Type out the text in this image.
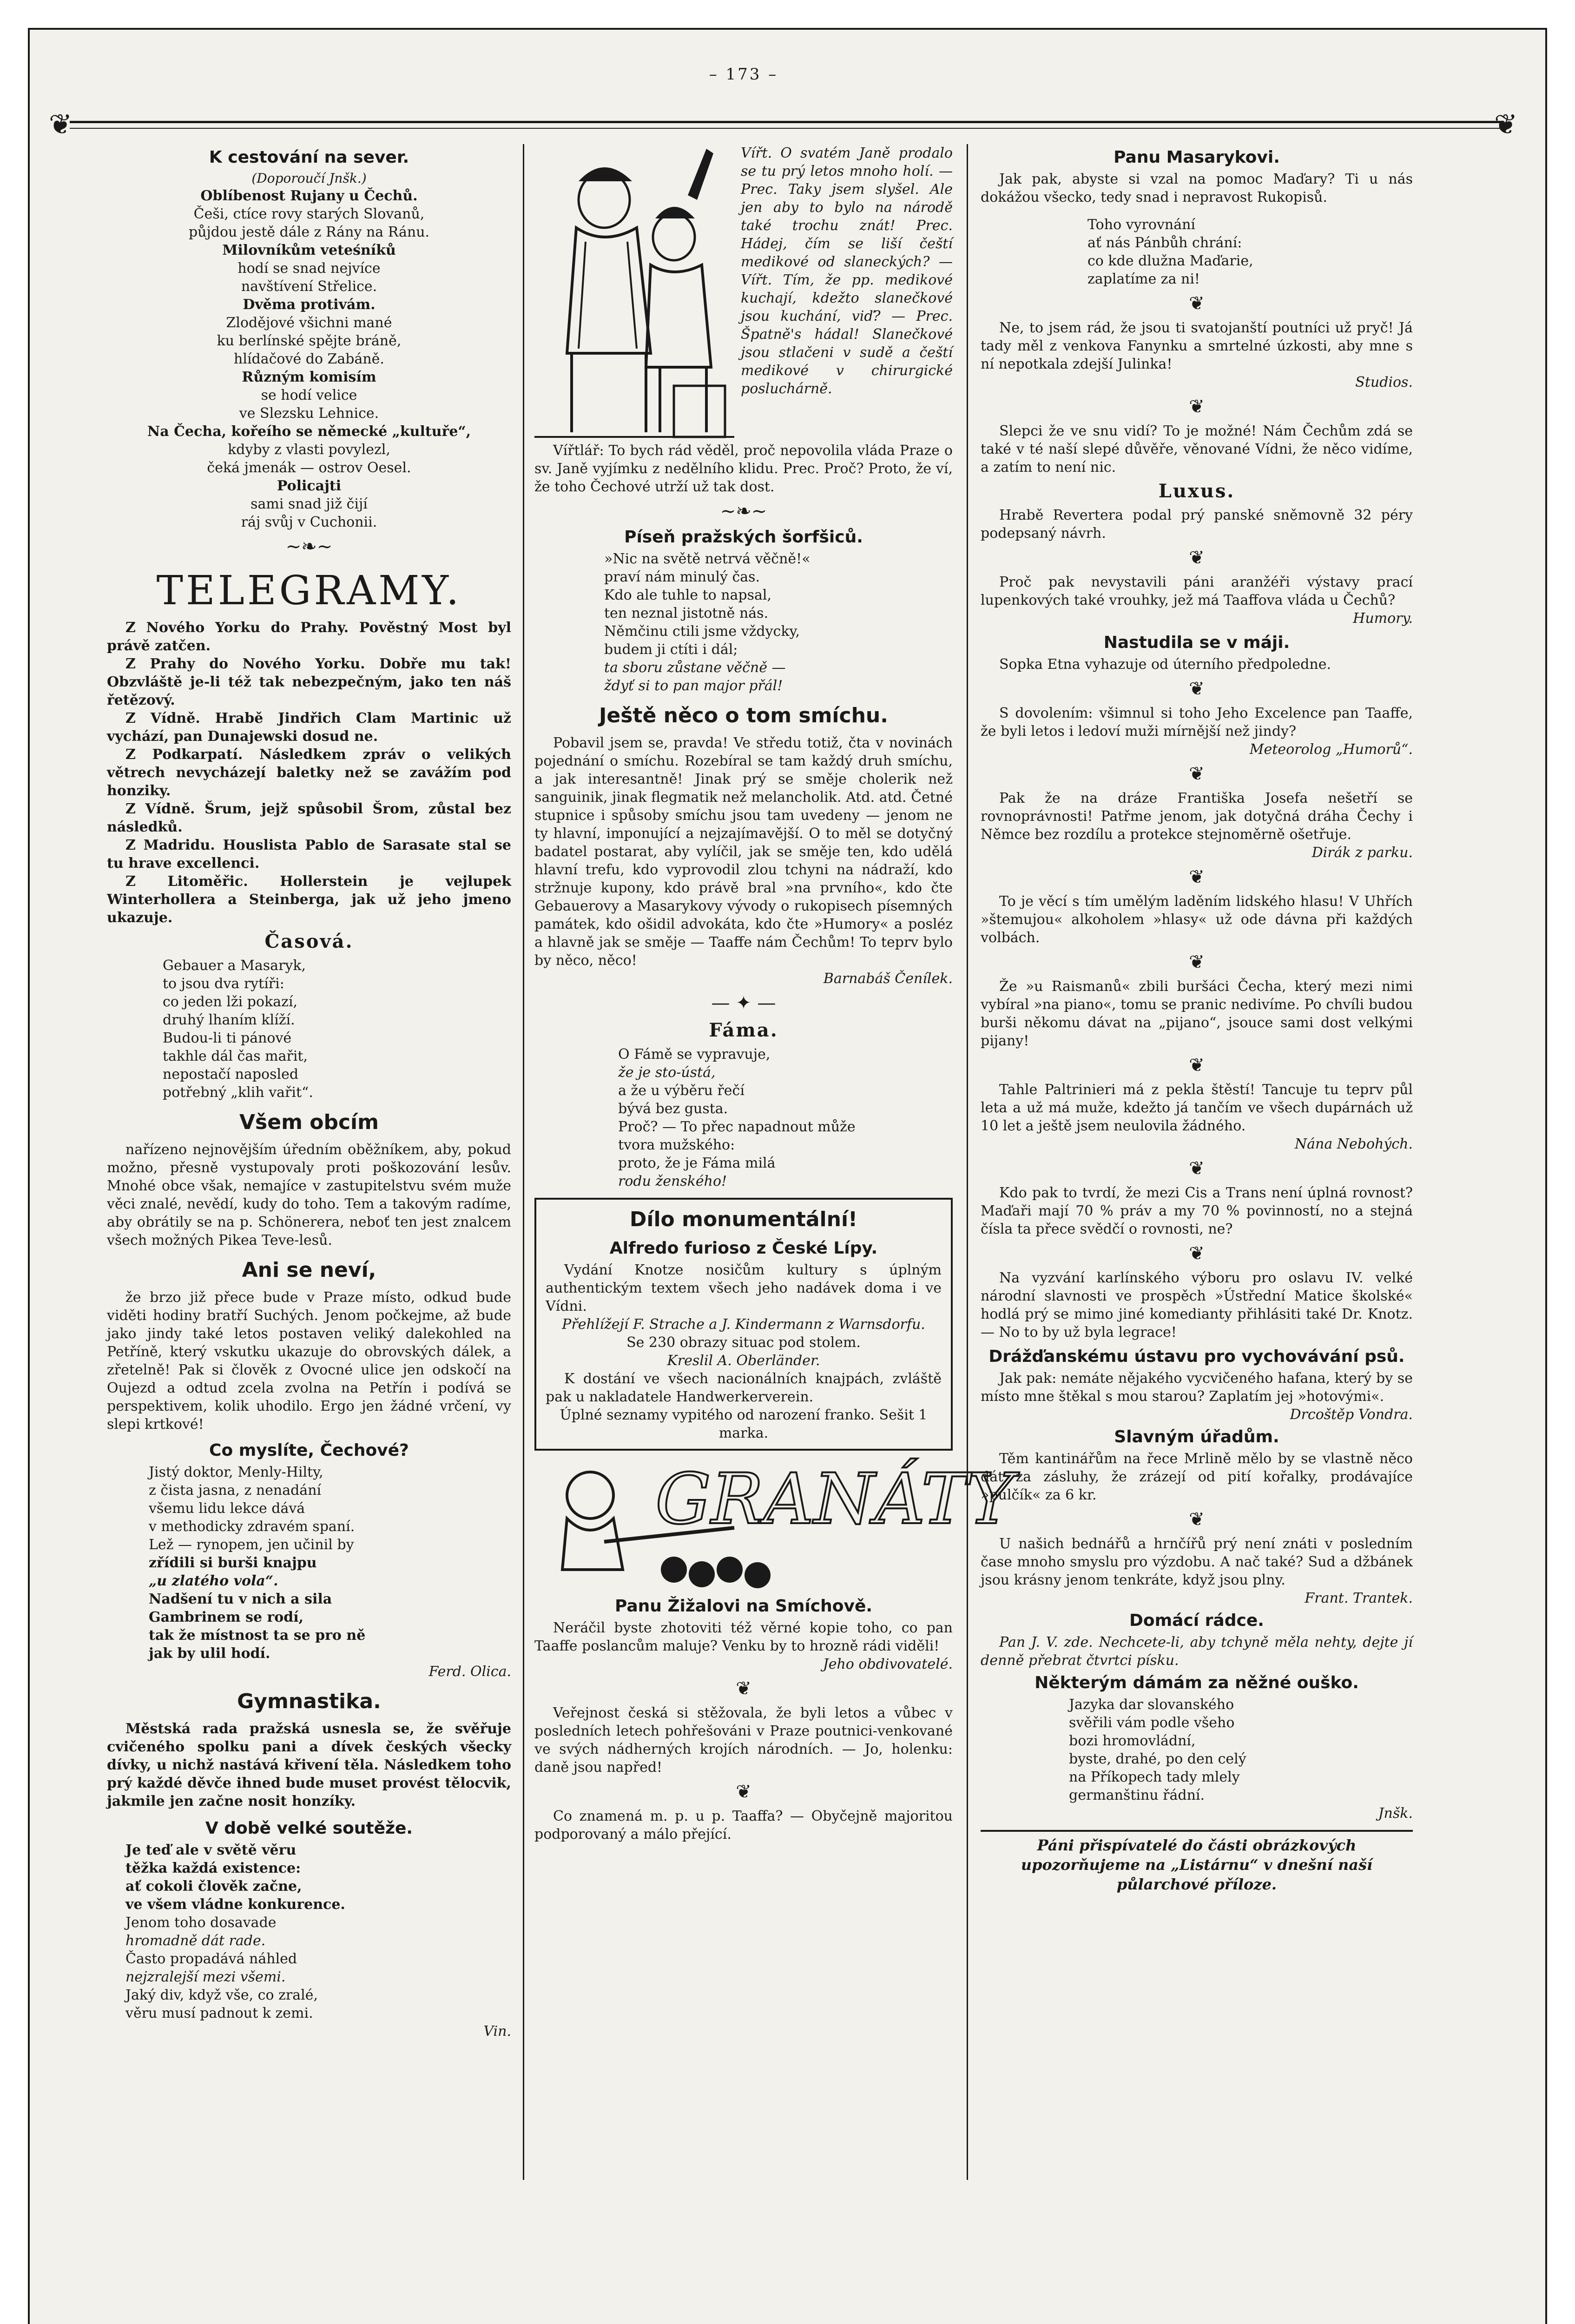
– 173 –
❦	❦
K cestování na sever.
(Doporoučí Jnšk.)
Oblíbenost Rujany u Čechů.
Češi, ctíce rovy starých Slovanů,
půjdou jestě dále z Rány na Ránu.
Milovníkům veteśníků
hodí se snad nejvíce
navštívení Střelice.
Dvěma protivám.
Zlodějové všichni mané
ku berlínské spějte bráně,
hlídačové do Zabáně.
Různým komisím
se hodí velice
ve Slezsku Lehnice.
Na Čecha, kořeího se německé „kultuře“,
kdyby z vlasti povylezl,
čeká jmenák — ostrov Oesel.
Policajti
sami snad již čijí
ráj svůj v Cuchonii.
~❧~
TELEGRAMY.

Z Nového Yorku do Prahy. Pověstný Most byl právě zatčen.

Z Prahy do Nového Yorku. Dobře mu tak! Obzvláště je-li též tak nebezpečným, jako ten náš řetězový.

Z Vídně. Hrabě Jindřich Clam Martinic už vychází, pan Dunajewski dosud ne.

Z Podkarpatí. Následkem zpráv o velikých větrech nevycházejí baletky než se zavážím pod honziky.

Z Vídně. Šrum, jejž spůsobil Šrom, zůstal bez následků.

Z Madridu. Houslista Pablo de Sarasate stal se tu hrave excellenci.

Z Litoměřic. Hollerstein je vejlupek Winterhollera a Steinberga, jak už jeho jmeno ukazuje.

Časová.
Gebauer a Masaryk,
to jsou dva rytíři:
co jeden lži pokazí,
druhý lhaním klíží.
Budou-li ti pánové
takhle dál čas mařit,
nepostačí naposled
potřebný „klih vařit“.
Všem obcím

nařízeno nejnovějším úředním oběžníkem, aby, pokud možno, přesně vystupovaly proti poškozování lesův. Mnohé obce však, nemajíce v zastupitelstvu svém muže věci znalé, nevědí, kudy do toho. Tem a takovým radíme, aby obrátily se na p. Schönerera, neboť ten jest znalcem všech možných Pikea Teve-lesů.

Ani se neví,

že brzo již přece bude v Praze místo, odkud bude viděti hodiny bratří Suchých. Jenom počkejme, až bude jako jindy také letos postaven veliký dalekohled na Petříně, který vskutku ukazuje do obrovských dálek, a zřetelně! Pak si člověk z Ovocné ulice jen odskočí na Oujezd a odtud zcela zvolna na Petřín i podívá se perspektivem, kolik uhodilo. Ergo jen žádné vrčení, vy slepi krtkové!

Co myslíte, Čechové?
Jistý doktor, Menly-Hilty,
z čista jasna, z nenadání
všemu lidu lekce dává
v methodicky zdravém spaní.
Lež — rynopem, jen učinil by
zřídili si burši knajpu
„u zlatého vola“.
Nadšení tu v nich a sila
Gambrinem se rodí,
tak že místnost ta se pro ně
jak by ulil hodí.
Ferd. Olica.
Gymnastika.

Městská rada pražská usnesla se, že svěřuje cvičeného spolku pani a dívek českých všecky dívky, u nichž nastává křivení těla. Následkem toho prý každé děvče ihned bude muset provést tělocvik, jakmile jen začne nosit honzíky.

V době velké soutěže.
Je teď ale v světě věru
těžka každá existence:
ať cokoli člověk začne,
ve všem vládne konkurence.
Jenom toho dosavade
hromadně dát rade.
Často propadává náhled
nejzralejší mezi všemi.
Jaký div, když vše, co zralé,
věru musí padnout k zemi.
Vin.

Vířt. O svatém Janě prodalo se tu prý letos mnoho holí. — Prec. Taky jsem slyšel. Ale jen aby to bylo na národě také trochu znát! Prec. Hádej, čím se liší čeští medikové od slaneckých? — Vířt. Tím, že pp. medikové kuchají, kdežto slanečkové jsou kuchání, viď? — Prec. Špatně's hádal! Slanečkové jsou stlačeni v sudě a čeští medikové v chirurgické posluchárně.

Vířtlář: To bych rád věděl, proč nepovolila vláda Praze o sv. Janě vyjímku z nedělního klidu. Prec. Proč? Proto, že ví, že toho Čechové utrží už tak dost.

~❧~
Píseň pražských šorfšiců.
»Nic na světě netrvá věčně!«
praví nám minulý čas.
Kdo ale tuhle to napsal,
ten neznal jistotně nás.
Němčinu ctili jsme vždycky,
budem ji ctíti i dál;
ta sboru zůstane věčně —
ždyť si to pan major přál!
Ještě něco o tom smíchu.

Pobavil jsem se, pravda! Ve středu totiž, čta v novinách pojednání o smíchu. Rozebíral se tam každý druh smíchu, a jak interesantně! Jinak prý se směje cholerik než sanguinik, jinak flegmatik než melancholik. Atd. atd. Četné stupnice i spůsoby smíchu jsou tam uvedeny — jenom ne ty hlavní, imponující a nejzajímavější. O to měl se dotyčný badatel postarat, aby vylíčil, jak se směje ten, kdo udělá hlavní trefu, kdo vyprovodil zlou tchyni na nádraží, kdo stržnuje kupony, kdo právě bral »na prvního«, kdo čte Gebauerovy a Masarykovy vývody o rukopisech písemných památek, kdo ošidil advokáta, kdo čte »Humory« a posléz a hlavně jak se směje — Taaffe nám Čechům! To teprv bylo by něco, něco!

Barnabáš Čenílek.
— ✦ —
Fáma.
O Fámě se vypravuje,
že je sto-ústá,
a že u výběru řečí
bývá bez gusta.
Proč? — To přec napadnout může
tvora mužského:
proto, že je Fáma milá
rodu ženského!
Dílo monumentální!
Alfredo furioso z České Lípy.

Vydání Knotze nosičům kultury s úplným authentickým textem všech jeho nadávek doma i ve Vídni.

Přehlížejí F. Strache a J. Kindermann z Warnsdorfu.
Se 230 obrazy situac pod stolem.
Kreslil A. Oberländer.

K dostání ve všech nacionálních knajpách, zvláště pak u nakladatele Handwerkerverein.

Úplné seznamy vypitého od narození franko. Sešit 1 marka.
GRANÁTY
Panu Žižalovi na Smíchově.

Neráčil byste zhotoviti též věrné kopie toho, co pan Taaffe poslancům maluje? Venku by to hrozně rádi viděli!

Jeho obdivovatelé.
❦

Veřejnost česká si stěžovala, že byli letos a vůbec v posledních letech pohřešováni v Praze poutnici-venkované ve svých nádherných krojích národních. — Jo, holenku: daně jsou napřed!

❦

Co znamená m. p. u p. Taaffa? — Obyčejně majoritou podporovaný a málo přející.

Panu Masarykovi.

Jak pak, abyste si vzal na pomoc Maďary? Ti u nás dokážou všecko, tedy snad i nepravost Rukopisů.

Toho vyrovnání
ať nás Pánbůh chrání:
co kde dlužna Maďarie,
zaplatíme za ni!
❦

Ne, to jsem rád, že jsou ti svatojanští poutníci už pryč! Já tady měl z venkova Fanynku a smrtelné úzkosti, aby mne s ní nepotkala zdejší Julinka!

Studios.
❦

Slepci že ve snu vidí? To je možné! Nám Čechům zdá se také v té naší slepé důvěře, věnované Vídni, že něco vidíme, a zatím to není nic.

Luxus.

Hrabě Revertera podal prý panské sněmovně 32 péry podepsaný návrh.

❦

Proč pak nevystavili páni aranžéři výstavy prací lupenkových také vrouhky, jež má Taaffova vláda u Čechů?

Humory.
Nastudila se v máji.

Sopka Etna vyhazuje od úterního předpoledne.

❦

S dovolením: všimnul si toho Jeho Excelence pan Taaffe, že byli letos i ledoví muži mírnější než jindy?

Meteorolog „Humorů“.
❦

Pak že na dráze Františka Josefa nešetří se rovnoprávnosti! Patřme jenom, jak dotyčná dráha Čechy i Němce bez rozdílu a protekce stejnoměrně ošetřuje.

Dirák z parku.
❦

To je věcí s tím umělým laděním lidského hlasu! V Uhřích »štemujou« alkoholem »hlasy« už ode dávna při každých volbách.

❦

Že »u Raismanů« zbili buršáci Čecha, který mezi nimi vybíral »na piano«, tomu se pranic nedivíme. Po chvíli budou burši někomu dávat na „pijano“, jsouce sami dost velkými pijany!

❦

Tahle Paltrinieri má z pekla štěstí! Tancuje tu teprv půl leta a už má muže, kdežto já tančím ve všech dupárnách už 10 let a ještě jsem neulovila žádného.

Nána Nebohých.
❦

Kdo pak to tvrdí, že mezi Cis a Trans není úplná rovnost? Maďaři mají 70 % práv a my 70 % povinností, no a stejná čísla ta přece svědčí o rovnosti, ne?

❦

Na vyzvání karlínského výboru pro oslavu IV. velké národní slavnosti ve prospěch »Ústřední Matice školské« hodlá prý se mimo jiné komedianty přihlásiti také Dr. Knotz. — No to by už byla legrace!

Drážďanskému ústavu pro vychovávání psů.

Jak pak: nemáte nějakého vycvičeného hafana, který by se místo mne štěkal s mou starou? Zaplatím jej »hotovými«.

Drcoštěp Vondra.
Slavným úřadům.

Těm kantinářům na řece Mrlině mělo by se vlastně něco dát za zásluhy, že zrázejí od pití kořalky, prodávajíce »pulčík« za 6 kr.

❦

U našich bednářů a hrnčířů prý není znáti v posledním čase mnoho smyslu pro výzdobu. A nač také? Sud a džbánek jsou krásny jenom tenkráte, když jsou plny.

Frant. Trantek.
Domácí rádce.

Pan J. V. zde. Nechcete-li, aby tchyně měla nehty, dejte jí denně přebrat čtvrtci písku.

Některým dámám za něžné ouško.
Jazyka dar slovanského
svěřili vám podle všeho
bozi hromovládní,
byste, drahé, po den celý
na Příkopech tady mlely
germanštinu řádní.
Jnšk.
Páni přispívatelé do části obrázkových upozorňujeme na „Listárnu“ v dnešní naší půlarchové příloze.
